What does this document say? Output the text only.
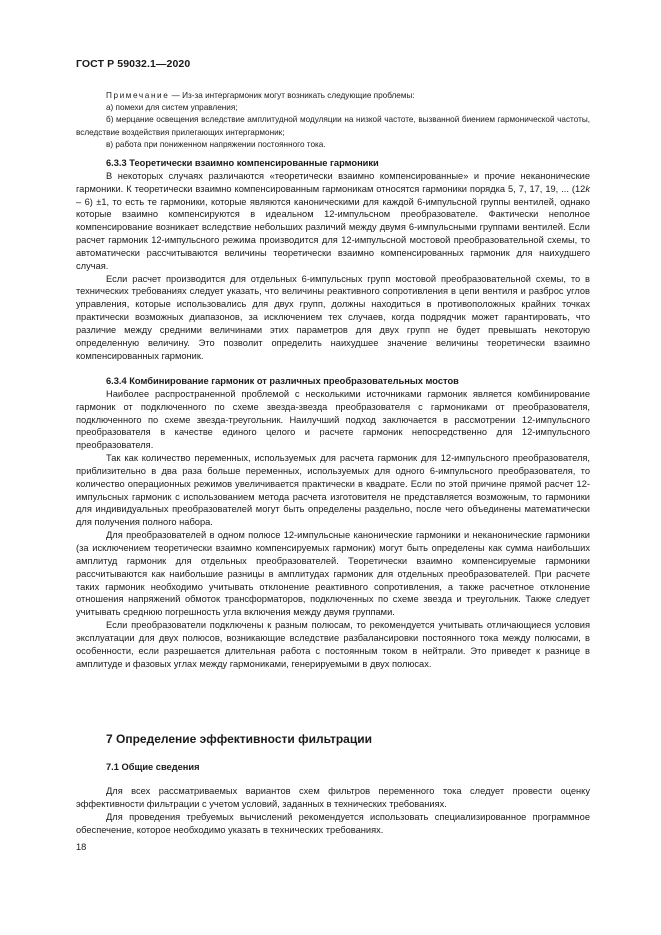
ГОСТ Р 59032.1—2020

Примечание — Из-за интергармоник могут возникать следующие проблемы:

а) помехи для систем управления;

б) мерцание освещения вследствие амплитудной модуляции на низкой частоте, вызванной биением гармонической частоты, вследствие воздействия прилегающих интергармоник;

в) работа при пониженном напряжении постоянного тока.

6.3.3 Теоретически взаимно компенсированные гармоники

В некоторых случаях различаются «теоретически взаимно компенсированные» и прочие неканонические гармоники. К теоретически взаимно компенсированным гармоникам относятся гармоники порядка 5, 7, 17, 19, ... (12k – 6) ±1, то есть те гармоники, которые являются каноническими для каждой 6-импульсной группы вентилей, однако которые взаимно компенсируются в идеальном 12-импульсном преобразователе. Фактически неполное компенсирование возникает вследствие небольших различий между двумя 6-импульсными группами вентилей. Если расчет гармоник 12-импульсного режима производится для 12-импульсной мостовой преобразовательной схемы, то автоматически рассчитываются величины теоретически взаимно компенсированных гармоник для наихудшего случая.

Если расчет производится для отдельных 6-импульсных групп мостовой преобразовательной схемы, то в технических требованиях следует указать, что величины реактивного сопротивления в цепи вентиля и разброс углов управления, которые использовались для двух групп, должны находиться в противоположных крайних точках практически возможных диапазонов, за исключением тех случаев, когда подрядчик может гарантировать, что различие между средними величинами этих параметров для двух групп не будет превышать некоторую определенную величину. Это позволит определить наихудшее значение величины теоретически взаимно компенсированных гармоник.

6.3.4 Комбинирование гармоник от различных преобразовательных мостов

Наиболее распространенной проблемой с несколькими источниками гармоник является комбинирование гармоник от подключенного по схеме звезда-звезда преобразователя с гармониками от преобразователя, подключенного по схеме звезда-треугольник. Наилучший подход заключается в рассмотрении 12-импульсного преобразователя в качестве единого целого и расчете гармоник непосредственно для 12-импульсного преобразователя.

Так как количество переменных, используемых для расчета гармоник для 12-импульсного преобразователя, приблизительно в два раза больше переменных, используемых для одного 6-импульсного преобразователя, то количество операционных режимов увеличивается практически в квадрате. Если по этой причине прямой расчет 12-импульсных гармоник с использованием метода расчета изготовителя не представляется возможным, то гармоники для индивидуальных преобразователей могут быть определены раздельно, после чего объединены математически для получения полного набора.

Для преобразователей в одном полюсе 12-импульсные канонические гармоники и неканонические гармоники (за исключением теоретически взаимно компенсируемых гармоник) могут быть определены как сумма наибольших амплитуд гармоник для отдельных преобразователей. Теоретически взаимно компенсируемые гармоники рассчитываются как наибольшие разницы в амплитудах гармоник для отдельных преобразователей. При расчете таких гармоник необходимо учитывать отклонение реактивного сопротивления, а также расчетное отклонение отношения напряжений обмоток трансформаторов, подключенных по схеме звезда и треугольник. Также следует учитывать среднюю погрешность угла включения между двумя группами.

Если преобразователи подключены к разным полюсам, то рекомендуется учитывать отличающиеся условия эксплуатации для двух полюсов, возникающие вследствие разбалансировки постоянного тока между полюсами, в особенности, если разрешается длительная работа с постоянным током в нейтрали. Это приведет к разнице в амплитуде и фазовых углах между гармониками, генерируемыми в двух полюсах.

7 Определение эффективности фильтрации
7.1 Общие сведения

Для всех рассматриваемых вариантов схем фильтров переменного тока следует провести оценку эффективности фильтрации с учетом условий, заданных в технических требованиях.

Для проведения требуемых вычислений рекомендуется использовать специализированное программное обеспечение, которое необходимо указать в технических требованиях.

18
